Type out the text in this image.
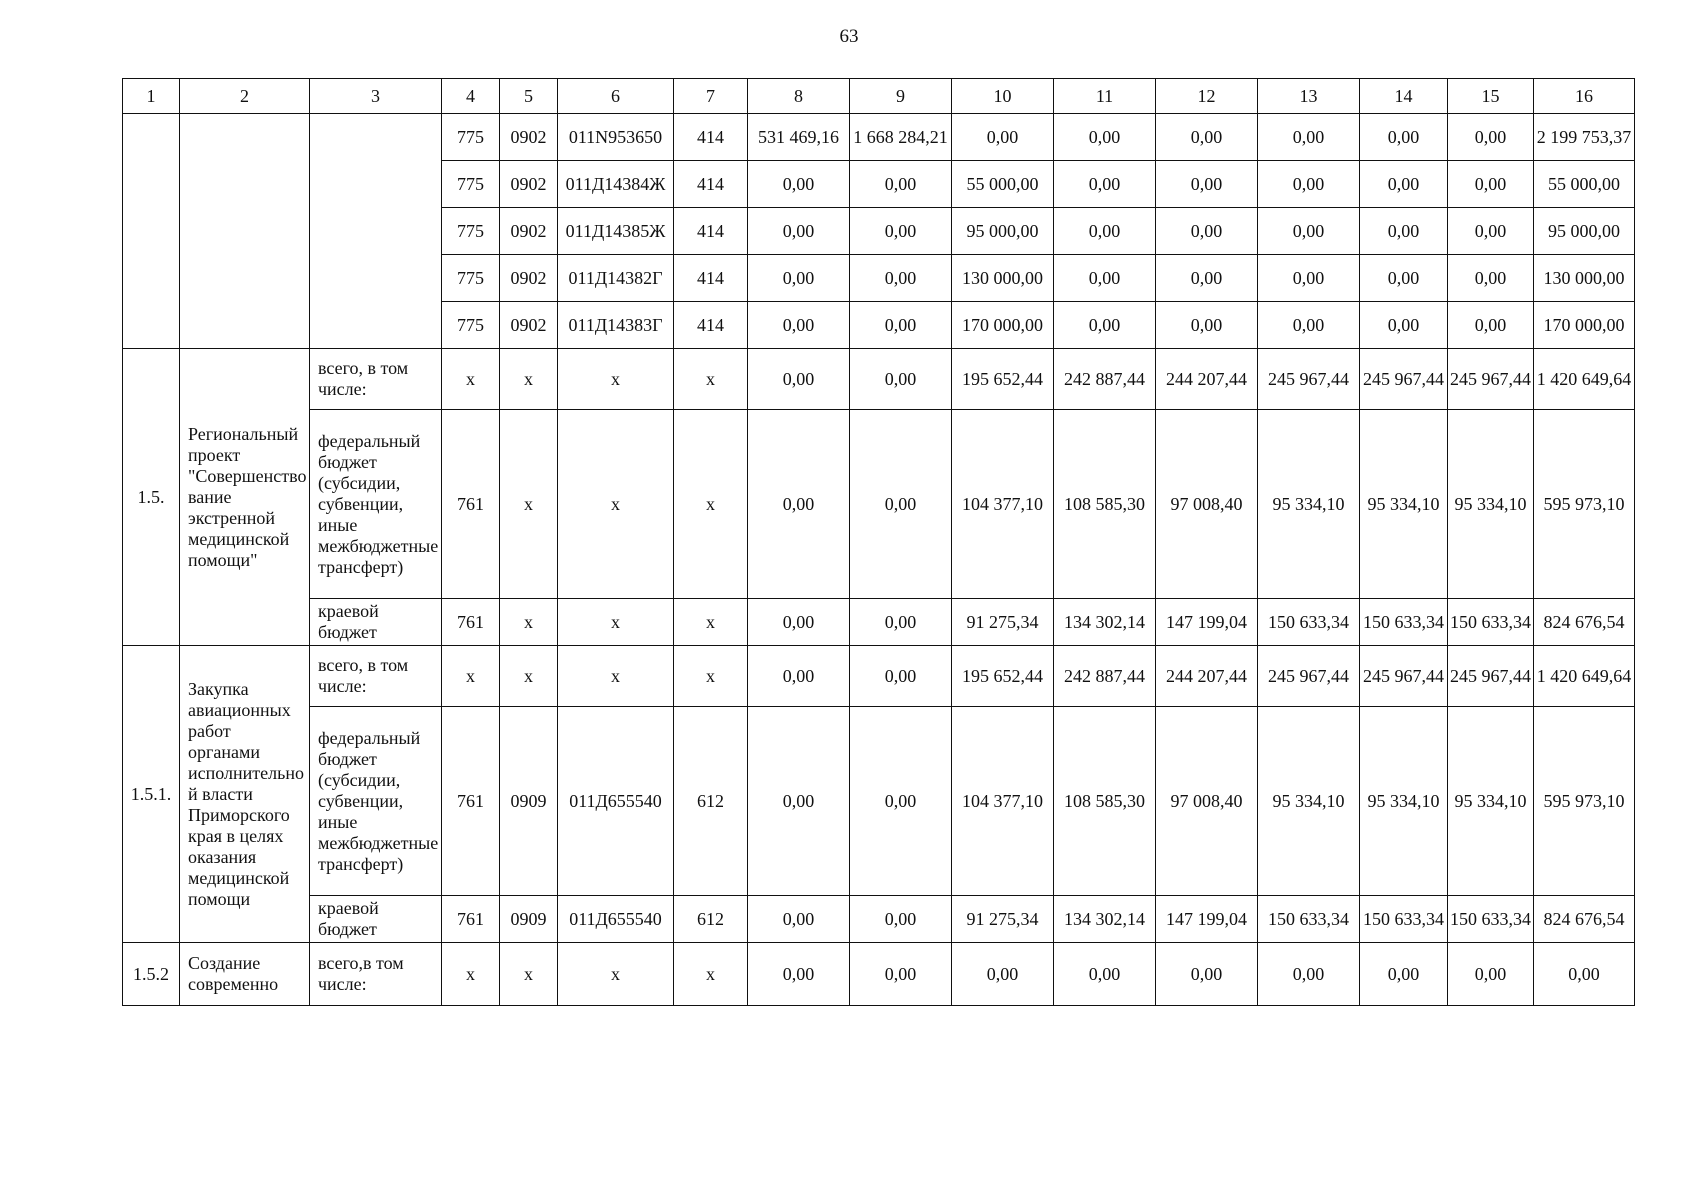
63
1	2	3	4	5	6	7	8	9	10	11	12	13	14	15	16
			775	0902	011N953650	414	531 469,16	1 668 284,21	0,00	0,00	0,00	0,00	0,00	0,00	2 199 753,37
			775	0902	011Д14384Ж	414	0,00	0,00	55 000,00	0,00	0,00	0,00	0,00	0,00	55 000,00
			775	0902	011Д14385Ж	414	0,00	0,00	95 000,00	0,00	0,00	0,00	0,00	0,00	95 000,00
			775	0902	011Д14382Г	414	0,00	0,00	130 000,00	0,00	0,00	0,00	0,00	0,00	130 000,00
			775	0902	011Д14383Г	414	0,00	0,00	170 000,00	0,00	0,00	0,00	0,00	0,00	170 000,00
1.5.	Региональный проект "Совершенствование экстренной медицинской помощи"	всего, в том числе:	х	х	х	х	0,00	0,00	195 652,44	242 887,44	244 207,44	245 967,44	245 967,44	245 967,44	1 420 649,64
		федеральный бюджет (субсидии, субвенции, иные межбюджетные трансферт)	761	х	х	х	0,00	0,00	104 377,10	108 585,30	97 008,40	95 334,10	95 334,10	95 334,10	595 973,10
		краевой бюджет	761	х	х	х	0,00	0,00	91 275,34	134 302,14	147 199,04	150 633,34	150 633,34	150 633,34	824 676,54
1.5.1.	Закупка авиационных работ органами исполнительной власти Приморского края в целях оказания медицинской помощи	всего, в том числе:	х	х	х	х	0,00	0,00	195 652,44	242 887,44	244 207,44	245 967,44	245 967,44	245 967,44	1 420 649,64
		федеральный бюджет (субсидии, субвенции, иные межбюджетные трансферт)	761	0909	011Д655540	612	0,00	0,00	104 377,10	108 585,30	97 008,40	95 334,10	95 334,10	95 334,10	595 973,10
		краевой бюджет	761	0909	011Д655540	612	0,00	0,00	91 275,34	134 302,14	147 199,04	150 633,34	150 633,34	150 633,34	824 676,54
1.5.2	Создание современно	всего,в том числе:	х	х	х	х	0,00	0,00	0,00	0,00	0,00	0,00	0,00	0,00	0,00
